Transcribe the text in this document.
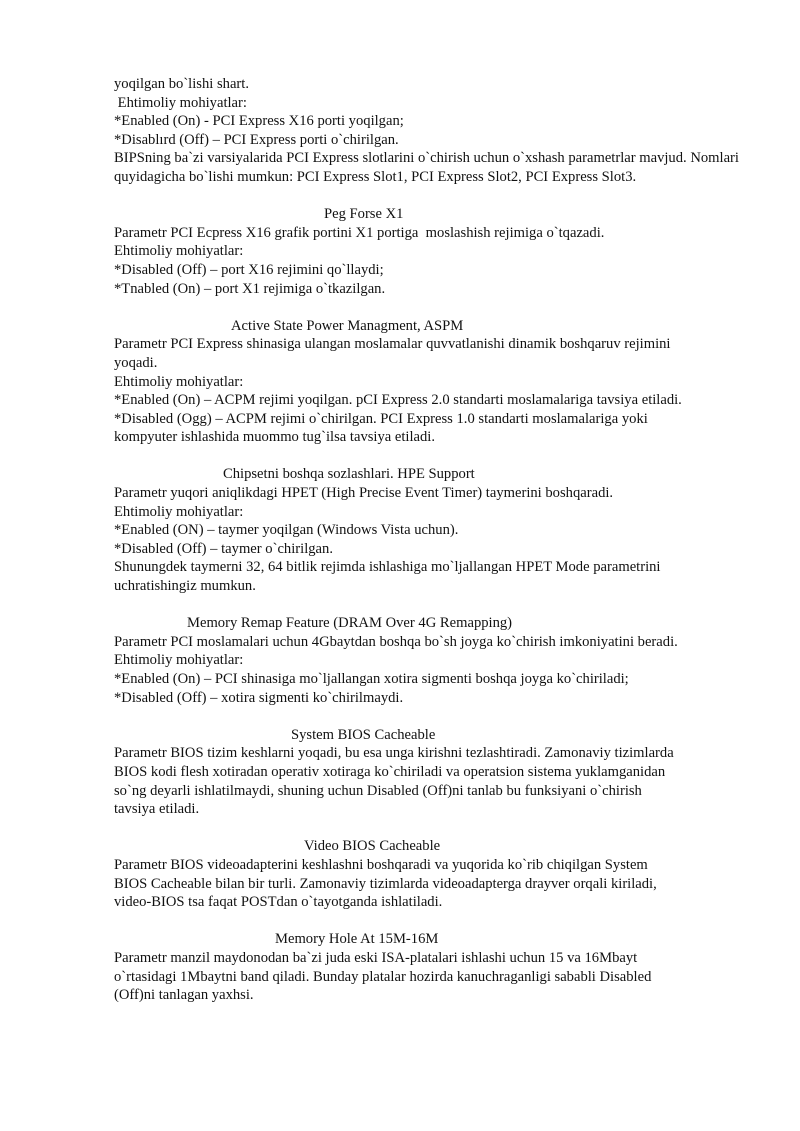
yoqilgan bo`lishi shart.

Ehtimoliy mohiyatlar:

*Enabled (On) - PCI Express X16 porti yoqilgan;

*Disablırd (Off) – PCI Express porti o`chirilgan.

BIPSning ba`zi varsiyalarida PCI Express slotlarini o`chirish uchun o`xshash parametrlar mavjud. Nomlari quyidagicha bo`lishi mumkun: PCI Express Slot1, PCI Express Slot2, PCI Express Slot3.

Peg Forse X1

Parametr PCI Ecpress X16 grafik portini X1 portiga  moslashish rejimiga o`tqazadi.

Ehtimoliy mohiyatlar:

*Disabled (Off) – port X16 rejimini qo`llaydi;

*Tnabled (On) – port X1 rejimiga o`tkazilgan.

Active State Power Managment, ASPM

Parametr PCI Express shinasiga ulangan moslamalar quvvatlanishi dinamik boshqaruv rejimini

yoqadi.

Ehtimoliy mohiyatlar:

*Enabled (On) – ACPM rejimi yoqilgan. pCI Express 2.0 standarti moslamalariga tavsiya etiladi.

*Disabled (Ogg) – ACPM rejimi o`chirilgan. PCI Express 1.0 standarti moslamalariga yoki

kompyuter ishlashida muommo tug`ilsa tavsiya etiladi.

Chipsetni boshqa sozlashlari. HPE Support

Parametr yuqori aniqlikdagi HPET (High Precise Event Timer) taymerini boshqaradi.

Ehtimoliy mohiyatlar:

*Enabled (ON) – taymer yoqilgan (Windows Vista uchun).

*Disabled (Off) – taymer o`chirilgan.

Shunungdek taymerni 32, 64 bitlik rejimda ishlashiga mo`ljallangan HPET Mode parametrini

uchratishingiz mumkun.

Memory Remap Feature (DRAM Over 4G Remapping)

Parametr PCI moslamalari uchun 4Gbaytdan boshqa bo`sh joyga ko`chirish imkoniyatini beradi.

Ehtimoliy mohiyatlar:

*Enabled (On) – PCI shinasiga mo`ljallangan xotira sigmenti boshqa joyga ko`chiriladi;

*Disabled (Off) – xotira sigmenti ko`chirilmaydi.

System BIOS Cacheable

Parametr BIOS tizim keshlarni yoqadi, bu esa unga kirishni tezlashtiradi. Zamonaviy tizimlarda

BIOS kodi flesh xotiradan operativ xotiraga ko`chiriladi va operatsion sistema yuklamganidan

so`ng deyarli ishlatilmaydi, shuning uchun Disabled (Off)ni tanlab bu funksiyani o`chirish

tavsiya etiladi.

Video BIOS Cacheable

Parametr BIOS videoadapterini keshlashni boshqaradi va yuqorida ko`rib chiqilgan System

BIOS Cacheable bilan bir turli. Zamonaviy tizimlarda videoadapterga drayver orqali kiriladi,

video-BIOS tsa faqat POSTdan o`tayotganda ishlatiladi.

Memory Hole At 15M-16M

Parametr manzil maydonodan ba`zi juda eski ISA-platalari ishlashi uchun 15 va 16Mbayt

o`rtasidagi 1Mbaytni band qiladi. Bunday platalar hozirda kanuchraganligi sababli Disabled

(Off)ni tanlagan yaxhsi.
